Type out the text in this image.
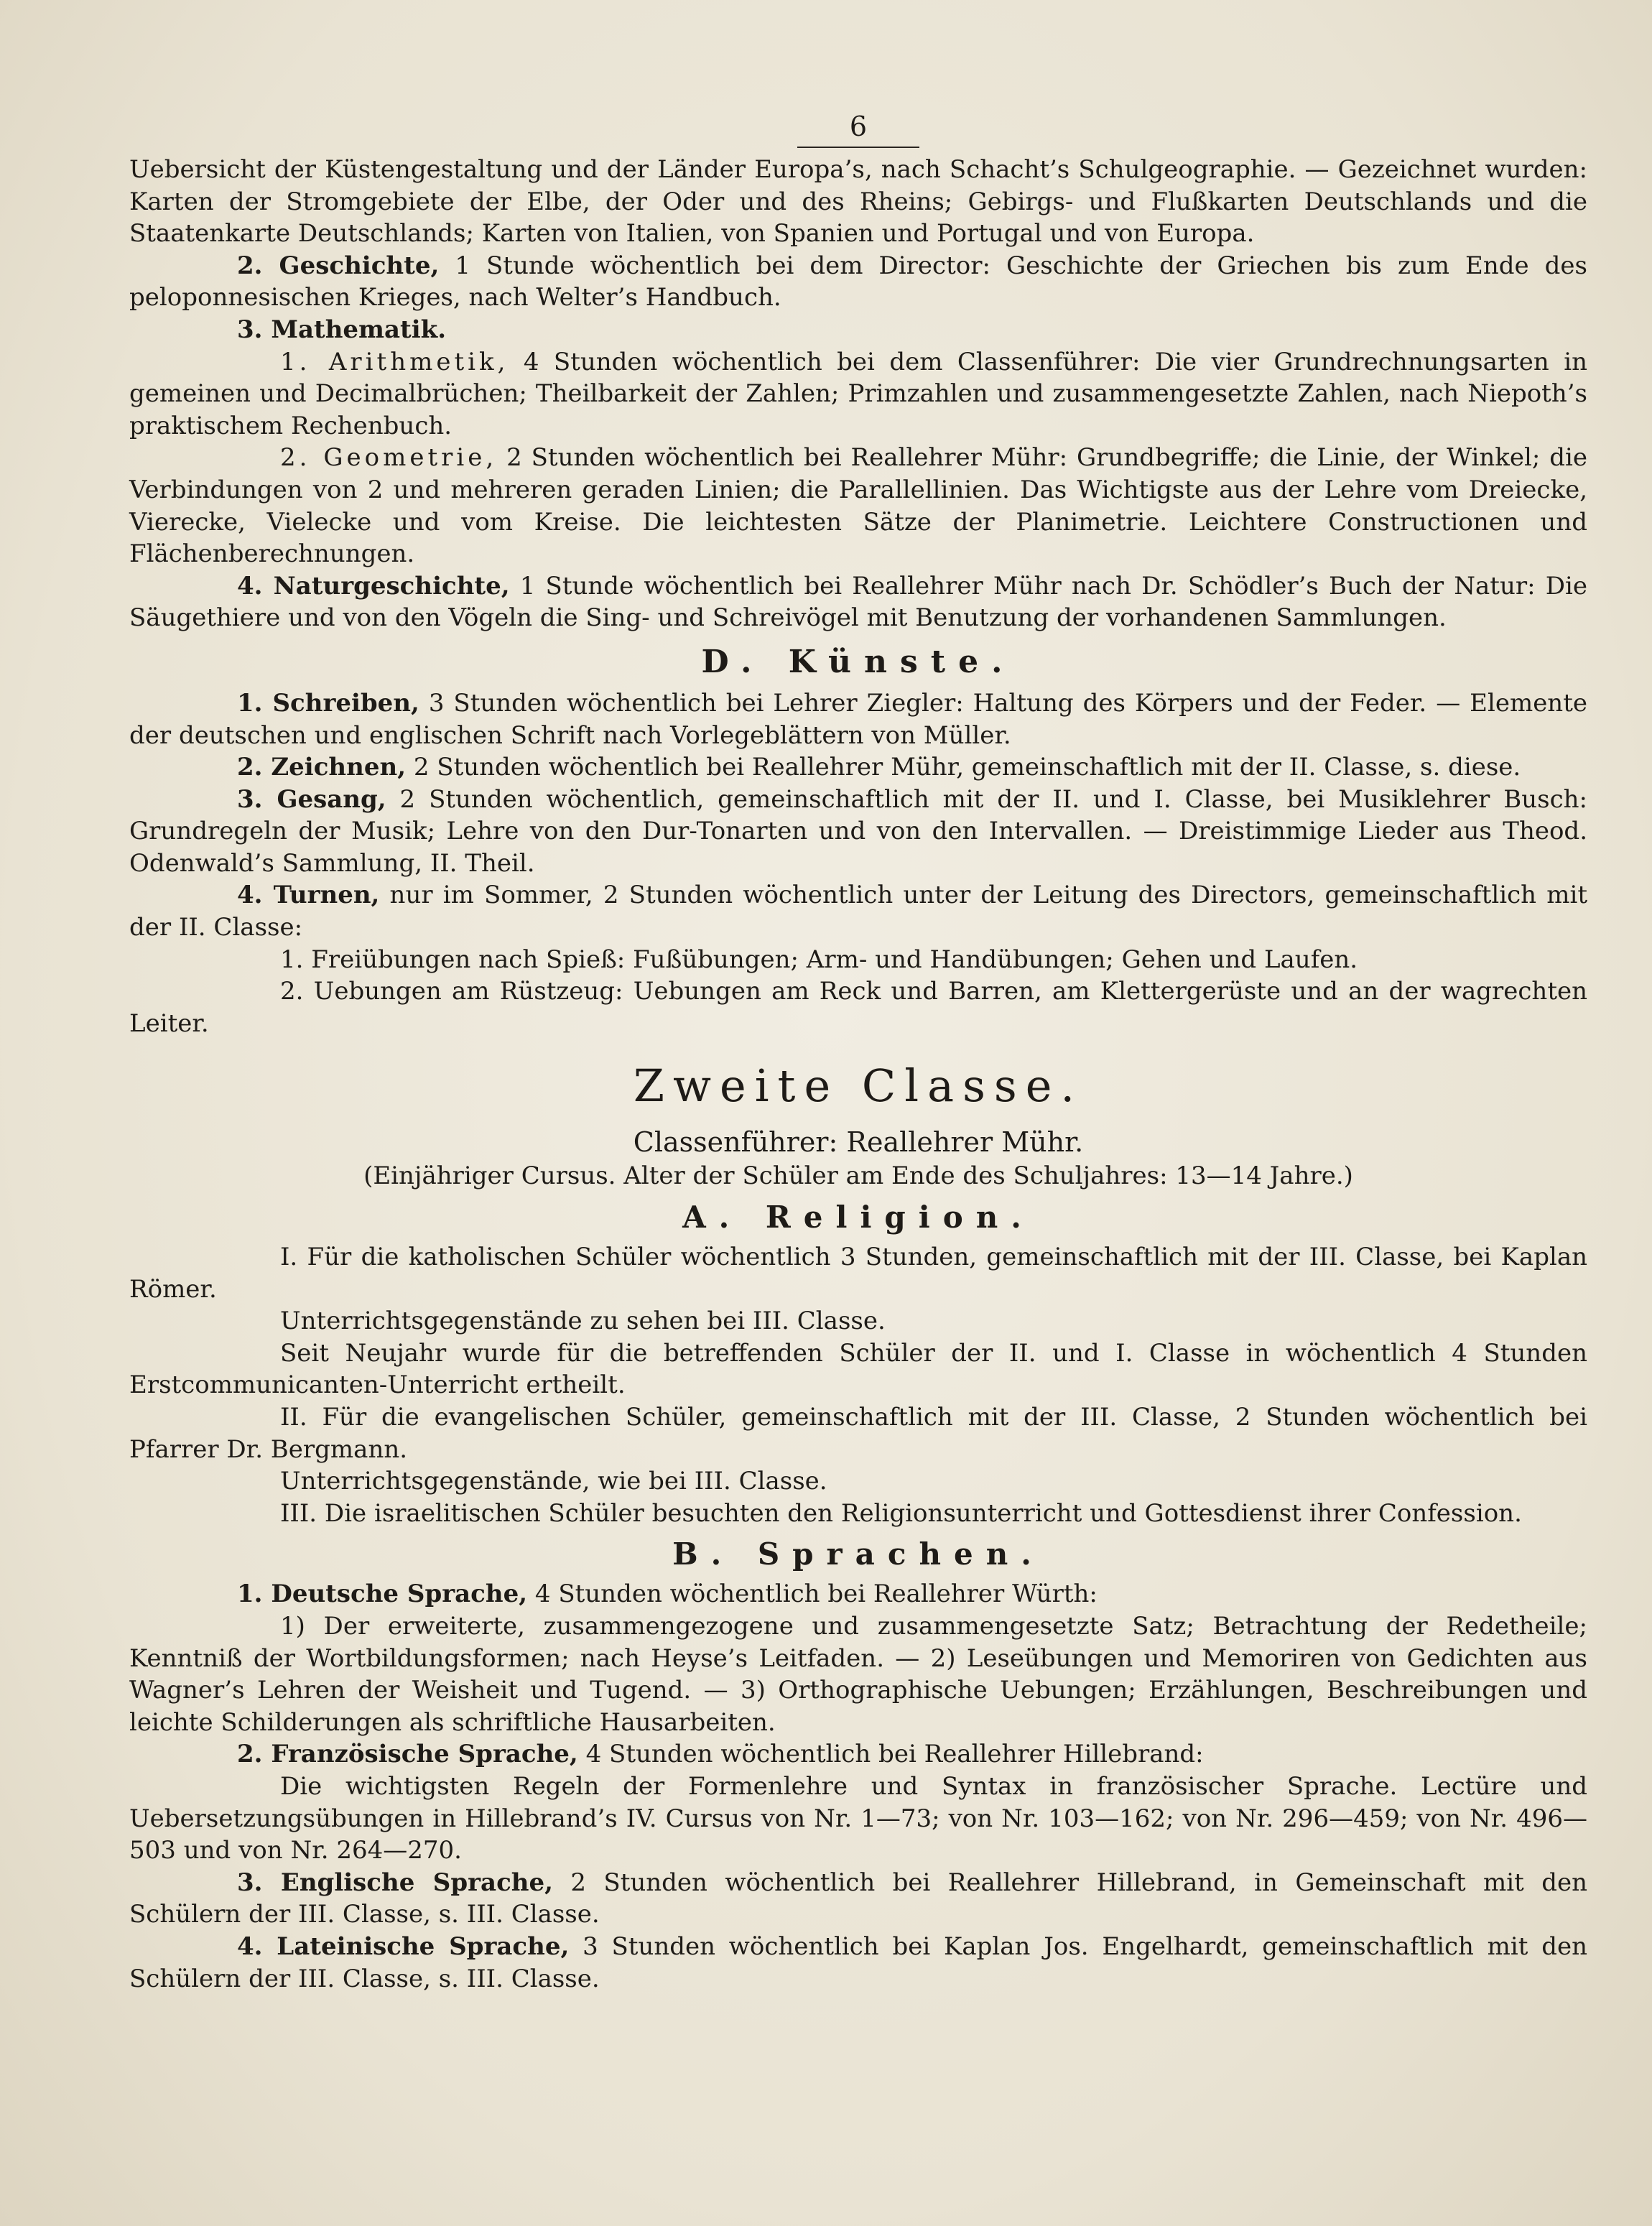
6

Uebersicht der Küstengestaltung und der Länder Europa’s, nach Schacht’s Schulgeographie. — Gezeichnet wurden: Karten der Stromgebiete der Elbe, der Oder und des Rheins; Gebirgs- und Flußkarten Deutschlands und die Staatenkarte Deutschlands; Karten von Italien, von Spanien und Portugal und von Europa.

2. Geschichte, 1 Stunde wöchentlich bei dem Director: Geschichte der Griechen bis zum Ende des peloponnesischen Krieges, nach Welter’s Handbuch.

3. Mathematik.

1. Arithmetik, 4 Stunden wöchentlich bei dem Classenführer: Die vier Grundrechnungsarten in gemeinen und Decimalbrüchen; Theilbarkeit der Zahlen; Primzahlen und zusammengesetzte Zahlen, nach Niepoth’s praktischem Rechenbuch.

2. Geometrie, 2 Stunden wöchentlich bei Reallehrer Mühr: Grundbegriffe; die Linie, der Winkel; die Verbindungen von 2 und mehreren geraden Linien; die Parallellinien. Das Wichtigste aus der Lehre vom Dreiecke, Vierecke, Vielecke und vom Kreise. Die leichtesten Sätze der Planimetrie. Leichtere Constructionen und Flächenberechnungen.

4. Naturgeschichte, 1 Stunde wöchentlich bei Reallehrer Mühr nach Dr. Schödler’s Buch der Natur: Die Säugethiere und von den Vögeln die Sing- und Schreivögel mit Benutzung der vorhandenen Sammlungen.

D. Künste.

1. Schreiben, 3 Stunden wöchentlich bei Lehrer Ziegler: Haltung des Körpers und der Feder. — Elemente der deutschen und englischen Schrift nach Vorlegeblättern von Müller.

2. Zeichnen, 2 Stunden wöchentlich bei Reallehrer Mühr, gemeinschaftlich mit der II. Classe, s. diese.

3. Gesang, 2 Stunden wöchentlich, gemeinschaftlich mit der II. und I. Classe, bei Musiklehrer Busch: Grundregeln der Musik; Lehre von den Dur-Tonarten und von den Intervallen. — Dreistimmige Lieder aus Theod. Odenwald’s Sammlung, II. Theil.

4. Turnen, nur im Sommer, 2 Stunden wöchentlich unter der Leitung des Directors, gemeinschaftlich mit der II. Classe:

1. Freiübungen nach Spieß: Fußübungen; Arm- und Handübungen; Gehen und Laufen.

2. Uebungen am Rüstzeug: Uebungen am Reck und Barren, am Klettergerüste und an der wagrechten Leiter.

Zweite Classe.

Classenführer: Reallehrer Mühr.

(Einjähriger Cursus. Alter der Schüler am Ende des Schuljahres: 13—14 Jahre.)

A. Religion.

I. Für die katholischen Schüler wöchentlich 3 Stunden, gemeinschaftlich mit der III. Classe, bei Kaplan Römer.

Unterrichtsgegenstände zu sehen bei III. Classe.

Seit Neujahr wurde für die betreffenden Schüler der II. und I. Classe in wöchentlich 4 Stunden Erstcommunicanten-Unterricht ertheilt.

II. Für die evangelischen Schüler, gemeinschaftlich mit der III. Classe, 2 Stunden wöchentlich bei Pfarrer Dr. Bergmann.

Unterrichtsgegenstände, wie bei III. Classe.

III. Die israelitischen Schüler besuchten den Religionsunterricht und Gottesdienst ihrer Confession.

B. Sprachen.

1. Deutsche Sprache, 4 Stunden wöchentlich bei Reallehrer Würth:

1) Der erweiterte, zusammengezogene und zusammengesetzte Satz; Betrachtung der Redetheile; Kenntniß der Wortbildungsformen; nach Heyse’s Leitfaden. — 2) Leseübungen und Memoriren von Gedichten aus Wagner’s Lehren der Weisheit und Tugend. — 3) Orthographische Uebungen; Erzählungen, Beschreibungen und leichte Schilderungen als schriftliche Hausarbeiten.

2. Französische Sprache, 4 Stunden wöchentlich bei Reallehrer Hillebrand:

Die wichtigsten Regeln der Formenlehre und Syntax in französischer Sprache. Lectüre und Uebersetzungsübungen in Hillebrand’s IV. Cursus von Nr. 1—73; von Nr. 103—162; von Nr. 296—459; von Nr. 496—503 und von Nr. 264—270.

3. Englische Sprache, 2 Stunden wöchentlich bei Reallehrer Hillebrand, in Gemeinschaft mit den Schülern der III. Classe, s. III. Classe.

4. Lateinische Sprache, 3 Stunden wöchentlich bei Kaplan Jos. Engelhardt, gemeinschaftlich mit den Schülern der III. Classe, s. III. Classe.
